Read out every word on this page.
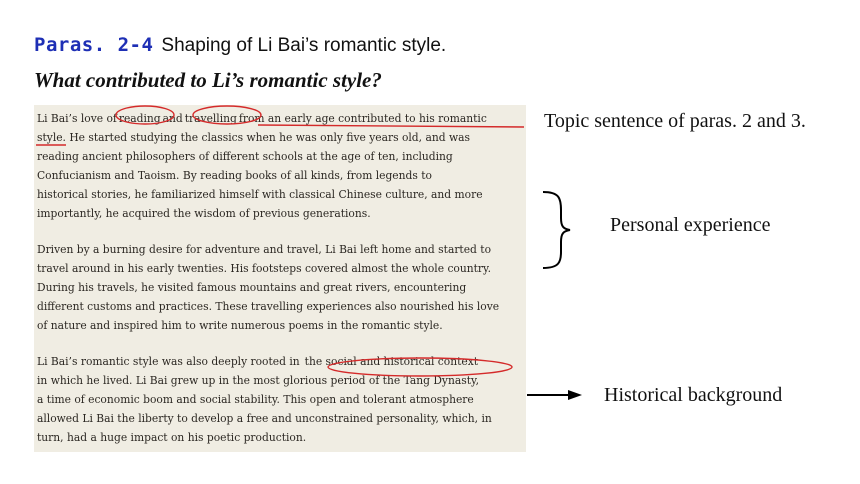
Paras. 2-4 Shaping of Li Bai’s romantic style.
What contributed to Li’s romantic style?

Li Bai’s love of reading and travelling from an early age contributed to his romantic
style. He started studying the classics when he was only five years old, and was
reading ancient philosophers of different schools at the age of ten, including
Confucianism and Taoism. By reading books of all kinds, from legends to
historical stories, he familiarized himself with classical Chinese culture, and more
importantly, he acquired the wisdom of previous generations.

Driven by a burning desire for adventure and travel, Li Bai left home and started to
travel around in his early twenties. His footsteps covered almost the whole country.
During his travels, he visited famous mountains and great rivers, encountering
different customs and practices. These travelling experiences also nourished his love
of nature and inspired him to write numerous poems in the romantic style.

Li Bai’s romantic style was also deeply rooted in the social and historical context
in which he lived. Li Bai grew up in the most glorious period of the Tang Dynasty,
a time of economic boom and social stability. This open and tolerant atmosphere
allowed Li Bai the liberty to develop a free and unconstrained personality, which, in
turn, had a huge impact on his poetic production.

Topic sentence of paras. 2 and 3.
Personal experience
Historical background
